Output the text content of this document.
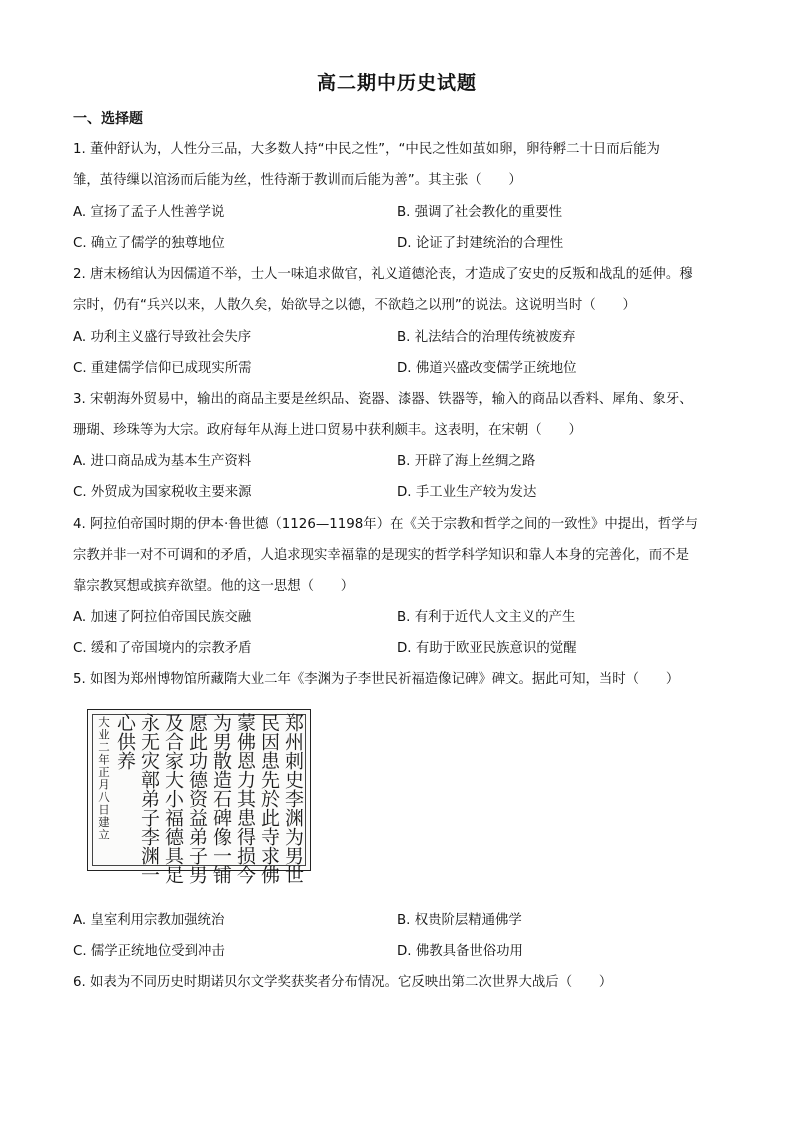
高二期中历史试题
一、选择题
1. 董仲舒认为，人性分三品，大多数人持“中民之性”，“中民之性如茧如卵，卵待孵二十日而后能为
雏，茧待缫以涫汤而后能为丝，性待渐于教训而后能为善”。其主张（　　）
A. 宣扬了孟子人性善学说	B. 强调了社会教化的重要性
C. 确立了儒学的独尊地位	D. 论证了封建统治的合理性
2. 唐末杨绾认为因儒道不举，士人一味追求做官，礼义道德沦丧，才造成了安史的反叛和战乱的延伸。穆
宗时，仍有“兵兴以来，人散久矣，始欲导之以德，不欲趋之以刑”的说法。这说明当时（　　）
A. 功利主义盛行导致社会失序	B. 礼法结合的治理传统被废弃
C. 重建儒学信仰已成现实所需	D. 佛道兴盛改变儒学正统地位
3. 宋朝海外贸易中，输出的商品主要是丝织品、瓷器、漆器、铁器等，输入的商品以香料、犀角、象牙、
珊瑚、珍珠等为大宗。政府每年从海上进口贸易中获利颇丰。这表明，在宋朝（　　）
A. 进口商品成为基本生产资料	B. 开辟了海上丝绸之路
C. 外贸成为国家税收主要来源	D. 手工业生产较为发达
4. 阿拉伯帝国时期的伊本·鲁世德（1126—1198年）在《关于宗教和哲学之间的一致性》中提出，哲学与
宗教并非一对不可调和的矛盾，人追求现实幸福靠的是现实的哲学科学知识和靠人本身的完善化，而不是
靠宗教冥想或摈弃欲望。他的这一思想（　　）
A. 加速了阿拉伯帝国民族交融	B. 有利于近代人文主义的产生
C. 缓和了帝国境内的宗教矛盾	D. 有助于欧亚民族意识的觉醒
5. 如图为郑州博物馆所藏隋大业二年《李渊为子李世民祈福造像记碑》碑文。据此可知，当时（　　）
郑州刺史李渊为男世
民因患先於此寺求佛
蒙佛恩力其患得损今
为男散造石碑像一铺
愿此功德资益弟子男
及合家大小福德具足
永无灾鄣弟子李渊一
心供养
大业二年正月八日建立
A. 皇室利用宗教加强统治	B. 权贵阶层精通佛学
C. 儒学正统地位受到冲击	D. 佛教具备世俗功用
6. 如表为不同历史时期诺贝尔文学奖获奖者分布情况。它反映出第二次世界大战后（　　）
